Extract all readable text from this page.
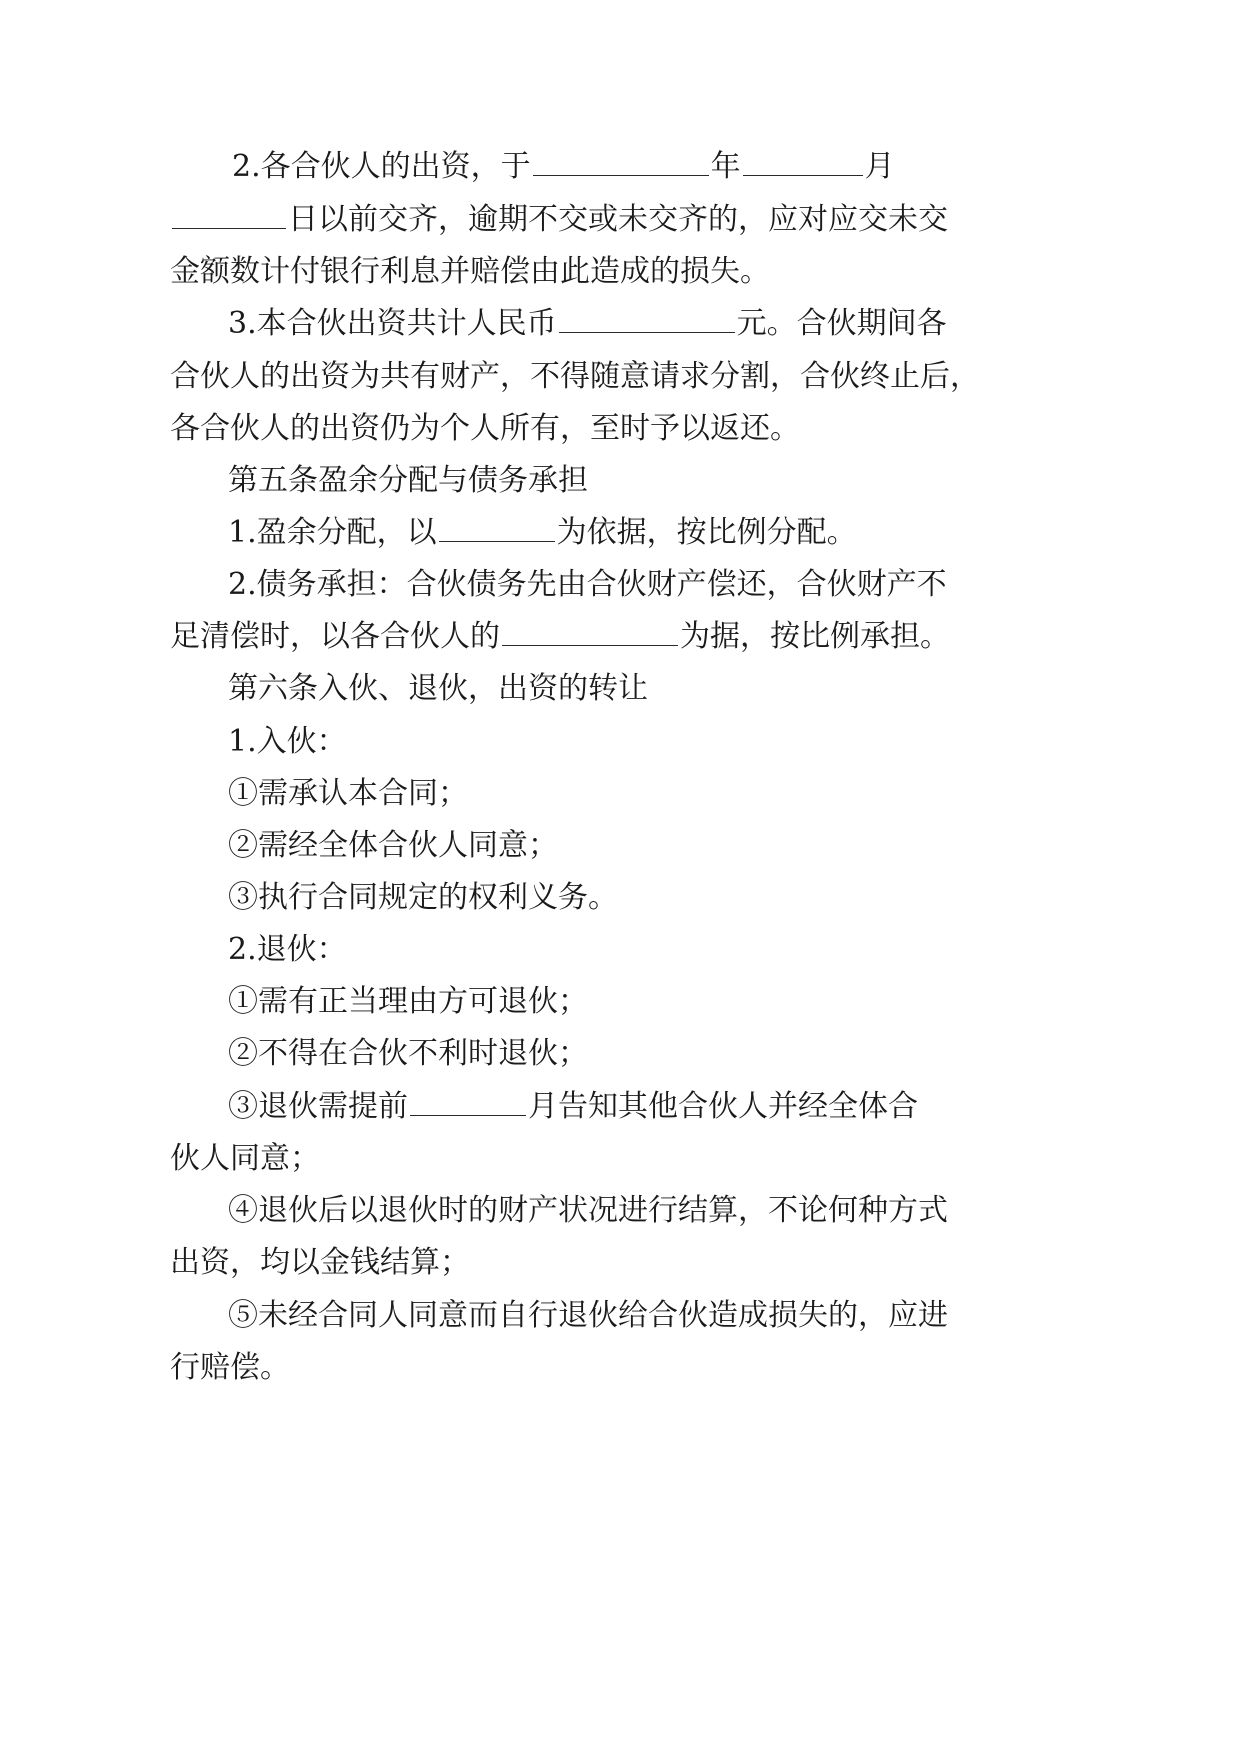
2.各合伙人的出资，于	年	月
日以前交齐，逾期不交或未交齐的，应对应交未交
金额数计付银行利息并赔偿由此造成的损失。
3.本合伙出资共计人民币	元。合伙期间各
合伙人的出资为共有财产，不得随意请求分割，合伙终止后，
各合伙人的出资仍为个人所有，至时予以返还。
第五条盈余分配与债务承担
1.盈余分配，以	为依据，按比例分配。
2.债务承担：合伙债务先由合伙财产偿还，合伙财产不
足清偿时，以各合伙人的	为据，按比例承担。
第六条入伙、退伙，出资的转让
1.入伙：
①需承认本合同；
②需经全体合伙人同意；
③执行合同规定的权利义务。
2.退伙：
①需有正当理由方可退伙；
②不得在合伙不利时退伙；
③退伙需提前	月告知其他合伙人并经全体合
伙人同意；
④退伙后以退伙时的财产状况进行结算，不论何种方式
出资，均以金钱结算；
⑤未经合同人同意而自行退伙给合伙造成损失的，应进
行赔偿。
